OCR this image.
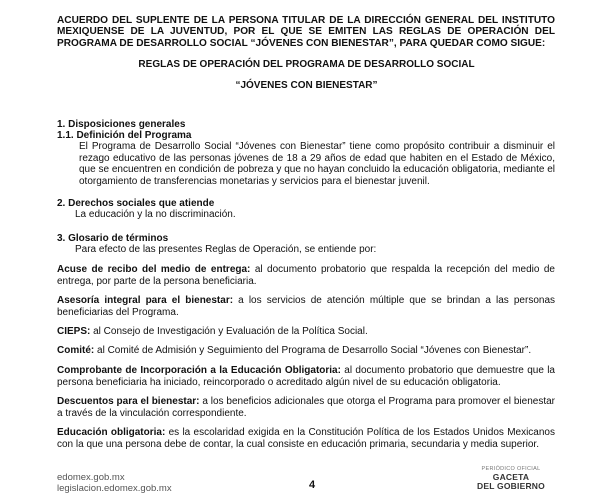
ACUERDO DEL SUPLENTE DE LA PERSONA TITULAR DE LA DIRECCIÓN GENERAL DEL INSTITUTO MEXIQUENSE DE LA JUVENTUD, POR EL QUE SE EMITEN LAS REGLAS DE OPERACIÓN DEL PROGRAMA DE DESARROLLO SOCIAL “JÓVENES CON BIENESTAR”, PARA QUEDAR COMO SIGUE:

REGLAS DE OPERACIÓN DEL PROGRAMA DE DESARROLLO SOCIAL

“JÓVENES CON BIENESTAR”

1. Disposiciones generales

1.1. Definición del Programa

El Programa de Desarrollo Social “Jóvenes con Bienestar” tiene como propósito contribuir a disminuir el rezago educativo de las personas jóvenes de 18 a 29 años de edad que habiten en el Estado de México, que se encuentren en condición de pobreza y que no hayan concluido la educación obligatoria, mediante el otorgamiento de transferencias monetarias y servicios para el bienestar juvenil.

2. Derechos sociales que atiende

La educación y la no discriminación.

3. Glosario de términos

Para efecto de las presentes Reglas de Operación, se entiende por:

Acuse de recibo del medio de entrega: al documento probatorio que respalda la recepción del medio de entrega, por parte de la persona beneficiaria.

Asesoría integral para el bienestar: a los servicios de atención múltiple que se brindan a las personas beneficiarias del Programa.

CIEPS: al Consejo de Investigación y Evaluación de la Política Social.

Comité: al Comité de Admisión y Seguimiento del Programa de Desarrollo Social “Jóvenes con Bienestar”.

Comprobante de Incorporación a la Educación Obligatoria: al documento probatorio que demuestre que la persona beneficiaria ha iniciado, reincorporado o acreditado algún nivel de su educación obligatoria.

Descuentos para el bienestar: a los beneficios adicionales que otorga el Programa para promover el bienestar a través de la vinculación correspondiente.

Educación obligatoria: es la escolaridad exigida en la Constitución Política de los Estados Unidos Mexicanos con la que una persona debe de contar, la cual consiste en educación primaria, secundaria y media superior.

edomex.gob.mx
legislacion.edomex.gob.mx	4
PERIÓDICO OFICIAL
GACETA
DEL GOBIERNO
